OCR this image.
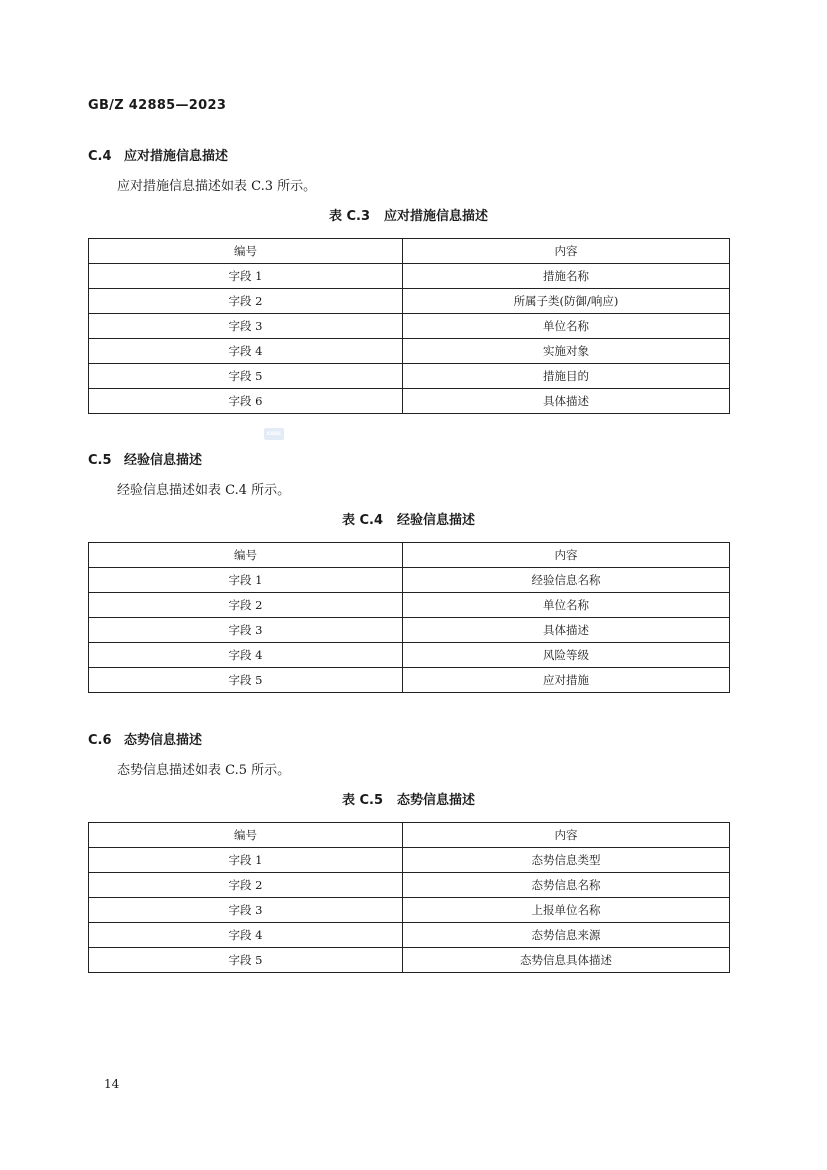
GB/Z 42885—2023
cssc
C.4 应对措施信息描述
应对措施信息描述如表 C.3 所示。
表 C.3 应对措施信息描述
编号	内容
字段 1	措施名称
字段 2	所属子类(防御/响应)
字段 3	单位名称
字段 4	实施对象
字段 5	措施目的
字段 6	具体描述
C.5 经验信息描述
经验信息描述如表 C.4 所示。
表 C.4 经验信息描述
编号	内容
字段 1	经验信息名称
字段 2	单位名称
字段 3	具体描述
字段 4	风险等级
字段 5	应对措施
C.6 态势信息描述
态势信息描述如表 C.5 所示。
表 C.5 态势信息描述
编号	内容
字段 1	态势信息类型
字段 2	态势信息名称
字段 3	上报单位名称
字段 4	态势信息来源
字段 5	态势信息具体描述
14
